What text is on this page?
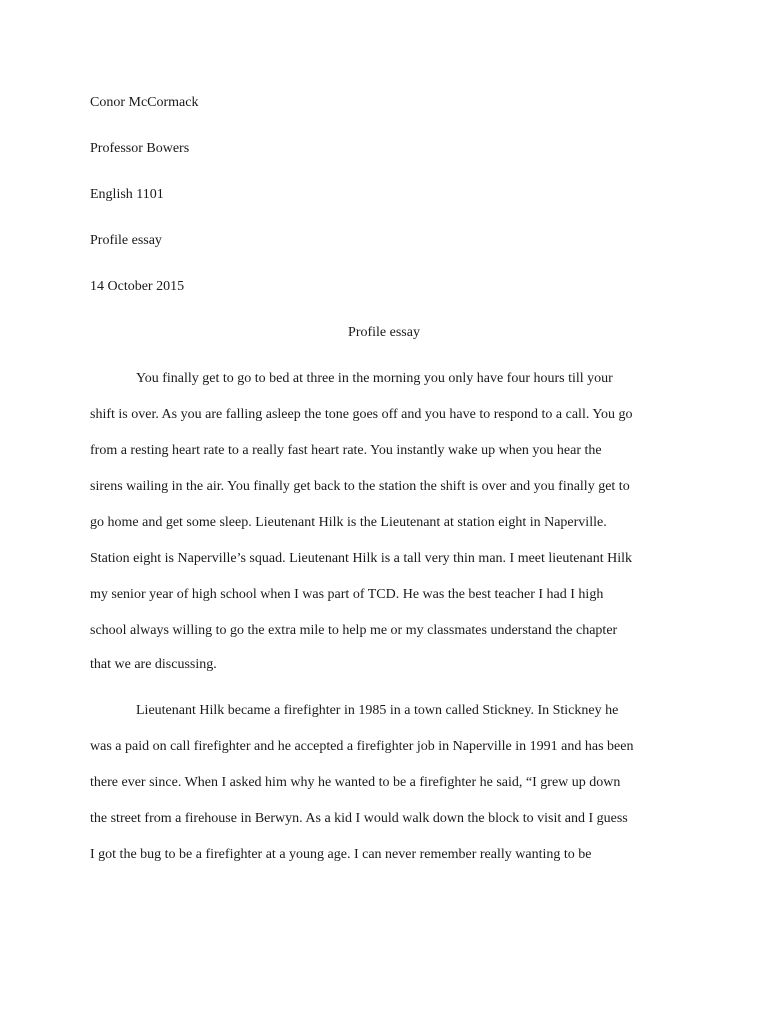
Conor McCormack
Professor Bowers
English 1101
Profile essay
14 October 2015
Profile essay
You finally get to go to bed at three in the morning you only have four hours till your
shift is over. As you are falling asleep the tone goes off and you have to respond to a call. You go
from a resting heart rate to a really fast heart rate. You instantly wake up when you hear the
sirens wailing in the air. You finally get back to the station the shift is over and you finally get to
go home and get some sleep. Lieutenant Hilk is the Lieutenant at station eight in Naperville.
Station eight is Naperville’s squad. Lieutenant Hilk is a tall very thin man. I meet lieutenant Hilk
my senior year of high school when I was part of TCD. He was the best teacher I had I high
school always willing to go the extra mile to help me or my classmates understand the chapter
that we are discussing.
Lieutenant Hilk became a firefighter in 1985 in a town called Stickney. In Stickney he
was a paid on call firefighter and he accepted a firefighter job in Naperville in 1991 and has been
there ever since. When I asked him why he wanted to be a firefighter he said, “I grew up down
the street from a firehouse in Berwyn. As a kid I would walk down the block to visit and I guess
I got the bug to be a firefighter at a young age. I can never remember really wanting to be
